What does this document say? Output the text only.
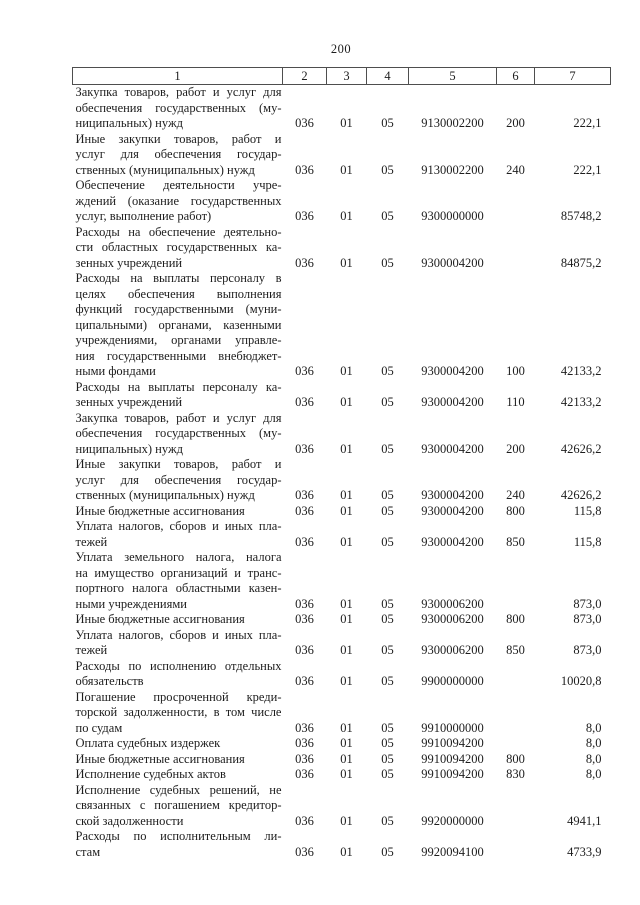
200
1	2	3	4	5	6	7

Закупка товаров, работ и услуг для
обеспечения государственных (му-
ниципальных) нужд	036	01	05	9130002200	200	222,1

Иные закупки товаров, работ и
услуг для обеспечения государ-
ственных (муниципальных) нужд	036	01	05	9130002200	240	222,1

Обеспечение деятельности учре-
ждений (оказание государственных
услуг, выполнение работ)	036	01	05	9300000000		85748,2

Расходы на обеспечение деятельно-
сти областных государственных ка-
зенных учреждений	036	01	05	9300004200		84875,2

Расходы на выплаты персоналу в
целях обеспечения выполнения
функций государственными (муни-
ципальными) органами, казенными
учреждениями, органами управле-
ния государственными внебюджет-
ными фондами	036	01	05	9300004200	100	42133,2

Расходы на выплаты персоналу ка-
зенных учреждений	036	01	05	9300004200	110	42133,2

Закупка товаров, работ и услуг для
обеспечения государственных (му-
ниципальных) нужд	036	01	05	9300004200	200	42626,2

Иные закупки товаров, работ и
услуг для обеспечения государ-
ственных (муниципальных) нужд	036	01	05	9300004200	240	42626,2

Иные бюджетные ассигнования	036	01	05	9300004200	800	115,8

Уплата налогов, сборов и иных пла-
тежей	036	01	05	9300004200	850	115,8

Уплата земельного налога, налога
на имущество организаций и транс-
портного налога областными казен-
ными учреждениями	036	01	05	9300006200		873,0

Иные бюджетные ассигнования	036	01	05	9300006200	800	873,0

Уплата налогов, сборов и иных пла-
тежей	036	01	05	9300006200	850	873,0

Расходы по исполнению отдельных
обязательств	036	01	05	9900000000		10020,8

Погашение просроченной креди-
торской задолженности, в том числе
по судам	036	01	05	9910000000		8,0

Оплата судебных издержек	036	01	05	9910094200		8,0

Иные бюджетные ассигнования	036	01	05	9910094200	800	8,0

Исполнение судебных актов	036	01	05	9910094200	830	8,0

Исполнение судебных решений, не
связанных с погашением кредитор-
ской задолженности	036	01	05	9920000000		4941,1

Расходы по исполнительным ли-
стам	036	01	05	9920094100		4733,9
